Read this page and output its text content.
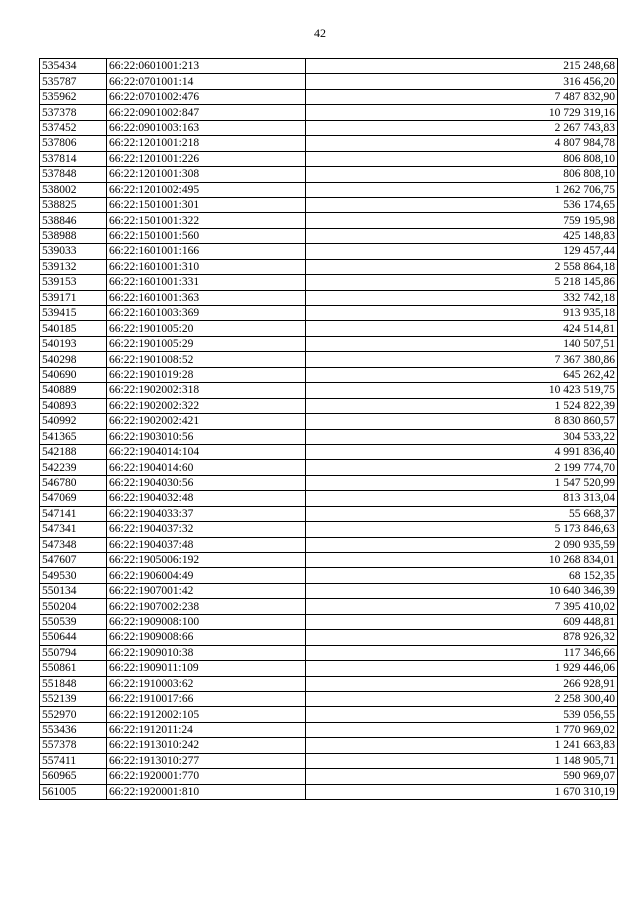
42
535434	66:22:0601001:213	215 248,68
535787	66:22:0701001:14	316 456,20
535962	66:22:0701002:476	7 487 832,90
537378	66:22:0901002:847	10 729 319,16
537452	66:22:0901003:163	2 267 743,83
537806	66:22:1201001:218	4 807 984,78
537814	66:22:1201001:226	806 808,10
537848	66:22:1201001:308	806 808,10
538002	66:22:1201002:495	1 262 706,75
538825	66:22:1501001:301	536 174,65
538846	66:22:1501001:322	759 195,98
538988	66:22:1501001:560	425 148,83
539033	66:22:1601001:166	129 457,44
539132	66:22:1601001:310	2 558 864,18
539153	66:22:1601001:331	5 218 145,86
539171	66:22:1601001:363	332 742,18
539415	66:22:1601003:369	913 935,18
540185	66:22:1901005:20	424 514,81
540193	66:22:1901005:29	140 507,51
540298	66:22:1901008:52	7 367 380,86
540690	66:22:1901019:28	645 262,42
540889	66:22:1902002:318	10 423 519,75
540893	66:22:1902002:322	1 524 822,39
540992	66:22:1902002:421	8 830 860,57
541365	66:22:1903010:56	304 533,22
542188	66:22:1904014:104	4 991 836,40
542239	66:22:1904014:60	2 199 774,70
546780	66:22:1904030:56	1 547 520,99
547069	66:22:1904032:48	813 313,04
547141	66:22:1904033:37	55 668,37
547341	66:22:1904037:32	5 173 846,63
547348	66:22:1904037:48	2 090 935,59
547607	66:22:1905006:192	10 268 834,01
549530	66:22:1906004:49	68 152,35
550134	66:22:1907001:42	10 640 346,39
550204	66:22:1907002:238	7 395 410,02
550539	66:22:1909008:100	609 448,81
550644	66:22:1909008:66	878 926,32
550794	66:22:1909010:38	117 346,66
550861	66:22:1909011:109	1 929 446,06
551848	66:22:1910003:62	266 928,91
552139	66:22:1910017:66	2 258 300,40
552970	66:22:1912002:105	539 056,55
553436	66:22:1912011:24	1 770 969,02
557378	66:22:1913010:242	1 241 663,83
557411	66:22:1913010:277	1 148 905,71
560965	66:22:1920001:770	590 969,07
561005	66:22:1920001:810	1 670 310,19
